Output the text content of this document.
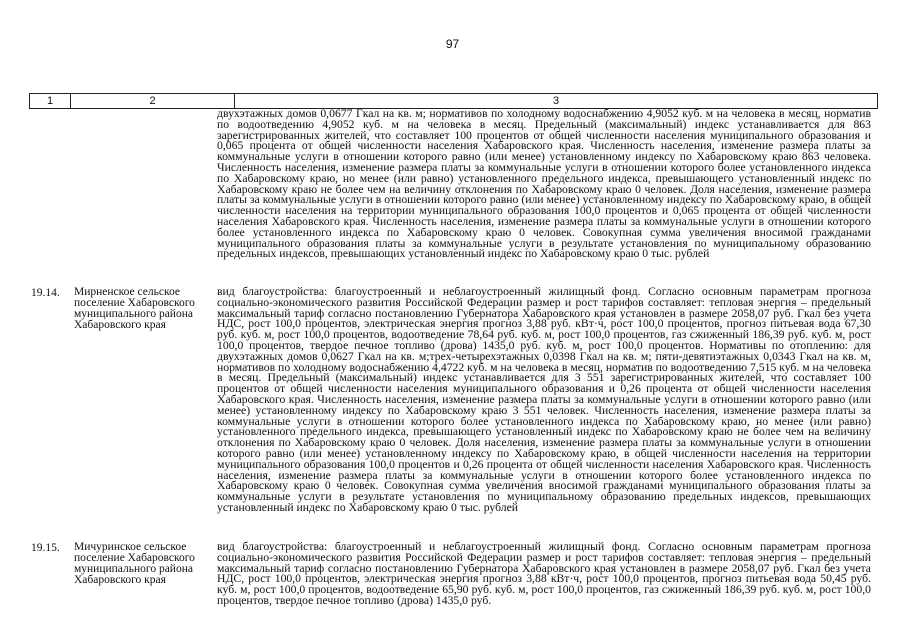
97
1	2	3
двухэтажных домов 0,0677 Гкал на кв. м; нормативов по холодному водоснабжению 4,9052 куб. м на человека в месяц, норматив по водоотведению 4,9052 куб. м на человека в месяц. Предельный (максимальный) индекс устанавливается для 863 зарегистрированных жителей, что составляет 100 процентов от общей численности населения муниципального образования и 0,065 процента от общей численности населения Хабаровского края. Численность населения, изменение размера платы за коммунальные услуги в отношении которого равно (или менее) установленному индексу по Хабаровскому краю 863 человека. Численность населения, изменение размера платы за коммунальные услуги в отношении которого более установленного индекса по Хабаровскому краю, но менее (или равно) установленного предельного индекса, превышающего установленный индекс по Хабаровскому краю не более чем на величину отклонения по Хабаровскому краю 0 человек. Доля населения, изменение размера платы за коммунальные услуги в отношении которого равно (или менее) установленному индексу по Хабаровскому краю, в общей численности населения на территории муниципального образования 100,0 процентов и 0,065 процента от общей численности населения Хабаровского края. Численность населения, изменение размера платы за коммунальные услуги в отношении которого более установленного индекса по Хабаровскому краю 0 человек. Совокупная сумма увеличения вносимой гражданами муниципального образования платы за коммунальные услуги в результате установления по муниципальному образованию предельных индексов, превышающих установленный индекс по Хабаровскому краю 0 тыс. рублей
19.14. Мирненское сельское поселение Хабаровского муниципального района Хабаровского края
вид благоустройства: благоустроенный и неблагоустроенный жилищный фонд. Согласно основным параметрам прогноза социально-экономического развития Российской Федерации размер и рост тарифов составляет: тепловая энергия – предельный максимальный тариф согласно постановлению Губернатора Хабаровского края установлен в размере 2058,07 руб. Гкал без учета НДС, рост 100,0 процентов, электрическая энергия прогноз 3,88 руб. кВт·ч, рост 100,0 процентов, прогноз питьевая вода 67,30 руб. куб. м, рост 100,0 процентов, водоотведение 78,64 руб. куб. м, рост 100,0 процентов, газ сжиженный 186,39 руб. куб. м, рост 100,0 процентов, твердое печное топливо (дрова) 1435,0 руб. куб. м, рост 100,0 процентов. Нормативы по отоплению: для двухэтажных домов 0,0627 Гкал на кв. м;трех-четырехэтажных 0,0398 Гкал на кв. м; пяти-девятиэтажных 0,0343 Гкал на кв. м, нормативов по холодному водоснабжению 4,4722 куб. м на человека в месяц, норматив по водоотведению 7,515 куб. м на человека в месяц. Предельный (максимальный) индекс устанавливается для 3 551 зарегистрированных жителей, что составляет 100 процентов от общей численности населения муниципального образования и 0,26 процента от общей численности населения Хабаровского края. Численность населения, изменение размера платы за коммунальные услуги в отношении которого равно (или менее) установленному индексу по Хабаровскому краю 3 551 человек. Численность населения, изменение размера платы за коммунальные услуги в отношении которого более установленного индекса по Хабаровскому краю, но менее (или равно) установленного предельного индекса, превышающего установленный индекс по Хабаровскому краю не более чем на величину отклонения по Хабаровскому краю 0 человек. Доля населения, изменение размера платы за коммунальные услуги в отношении которого равно (или менее) установленному индексу по Хабаровскому краю, в общей численности населения на территории муниципального образования 100,0 процентов и 0,26 процента от общей численности населения Хабаровского края. Численность населения, изменение размера платы за коммунальные услуги в отношении которого более установленного индекса по Хабаровскому краю 0 человек. Совокупная сумма увеличения вносимой гражданами муниципального образования платы за коммунальные услуги в результате установления по муниципальному образованию предельных индексов, превышающих установленный индекс по Хабаровскому краю 0 тыс. рублей
19.15. Мичуринское сельское поселение Хабаровского муниципального района Хабаровского края
вид благоустройства: благоустроенный и неблагоустроенный жилищный фонд. Согласно основным параметрам прогноза социально-экономического развития Российской Федерации размер и рост тарифов составляет: тепловая энергия – предельный максимальный тариф согласно постановлению Губернатора Хабаровского края установлен в размере 2058,07 руб. Гкал без учета НДС, рост 100,0 процентов, электрическая энергия прогноз 3,88 кВт·ч, рост 100,0 процентов, прогноз питьевая вода 50,45 руб. куб. м, рост 100,0 процентов, водоотведение 65,90 руб. куб. м, рост 100,0 процентов, газ сжиженный 186,39 руб. куб. м, рост 100,0 процентов, твердое печное топливо (дрова) 1435,0 руб.
